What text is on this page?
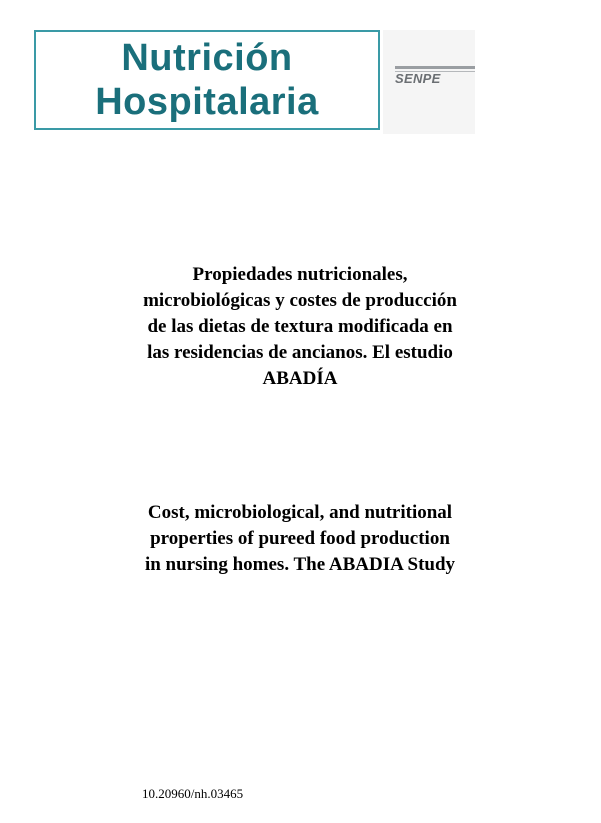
Nutrición
Hospitalaria
SENPE
Propiedades nutricionales, microbiológicas y costes de producción de las dietas de textura modificada en las residencias de ancianos. El estudio ABADÍA
Cost, microbiological, and nutritional properties of pureed food production in nursing homes. The ABADIA Study
10.20960/nh.03465
